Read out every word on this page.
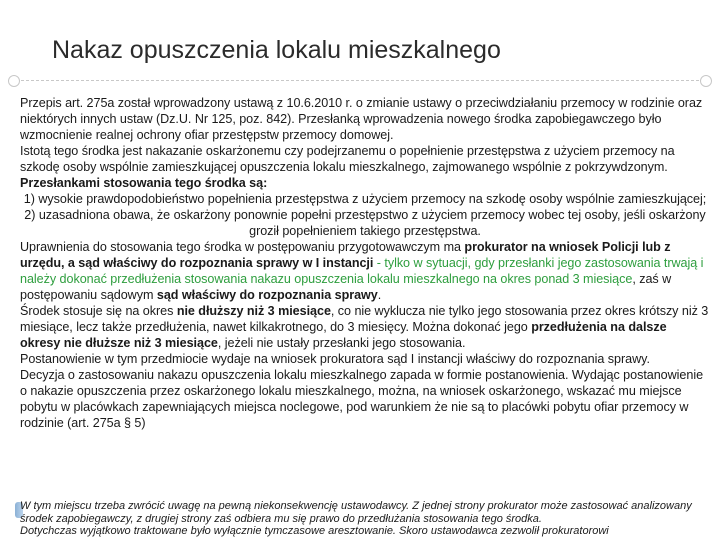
Nakaz opuszczenia lokalu mieszkalnego

Przepis art. 275a został wprowadzony ustawą z 10.6.2010 r. o zmianie ustawy o przeciwdziałaniu przemocy w rodzinie oraz niektórych innych ustaw (Dz.U. Nr 125, poz. 842). Przesłanką wprowadzenia nowego środka zapobiegawczego było wzmocnienie realnej ochrony ofiar przestępstw przemocy domowej.

Istotą tego środka jest nakazanie oskarżonemu czy podejrzanemu o popełnienie przestępstwa z użyciem przemocy na szkodę osoby wspólnie zamieszkującej opuszczenia lokalu mieszkalnego, zajmowanego wspólnie z pokrzywdzonym.

Przesłankami stosowania tego środka są:

1) wysokie prawdopodobieństwo popełnienia przestępstwa z użyciem przemocy na szkodę osoby wspólnie zamieszkującej;

2) uzasadniona obawa, że oskarżony ponownie popełni przestępstwo z użyciem przemocy wobec tej osoby, jeśli oskarżony groził popełnieniem takiego przestępstwa.

Uprawnienia do stosowania tego środka w postępowaniu przygotowawczym ma prokurator na wniosek Policji lub z urzędu, a sąd właściwy do rozpoznania sprawy w I instancji - tylko w sytuacji, gdy przesłanki jego zastosowania trwają i należy dokonać przedłużenia stosowania nakazu opuszczenia lokalu mieszkalnego na okres ponad 3 miesiące, zaś w postępowaniu sądowym sąd właściwy do rozpoznania sprawy.

Środek stosuje się na okres nie dłuższy niż 3 miesiące, co nie wyklucza nie tylko jego stosowania przez okres krótszy niż 3 miesiące, lecz także przedłużenia, nawet kilkakrotnego, do 3 miesięcy. Można dokonać jego przedłużenia na dalsze okresy nie dłuższe niż 3 miesiące, jeżeli nie ustały przesłanki jego stosowania.

Postanowienie w tym przedmiocie wydaje na wniosek prokuratora sąd I instancji właściwy do rozpoznania sprawy.

Decyzja o zastosowaniu nakazu opuszczenia lokalu mieszkalnego zapada w formie postanowienia. Wydając postanowienie o nakazie opuszczenia przez oskarżonego lokalu mieszkalnego, można, na wniosek oskarżonego, wskazać mu miejsce pobytu w placówkach zapewniających miejsca noclegowe, pod warunkiem że nie są to placówki pobytu ofiar przemocy w rodzinie (art. 275a § 5)

W tym miejscu trzeba zwrócić uwagę na pewną niekonsekwencję ustawodawcy. Z jednej strony prokurator może zastosować analizowany środek zapobiegawczy, z drugiej strony zaś odbiera mu się prawo do przedłużania stosowania tego środka.

Dotychczas wyjątkowo traktowane było wyłącznie tymczasowe aresztowanie. Skoro ustawodawca zezwolił prokuratorowi
